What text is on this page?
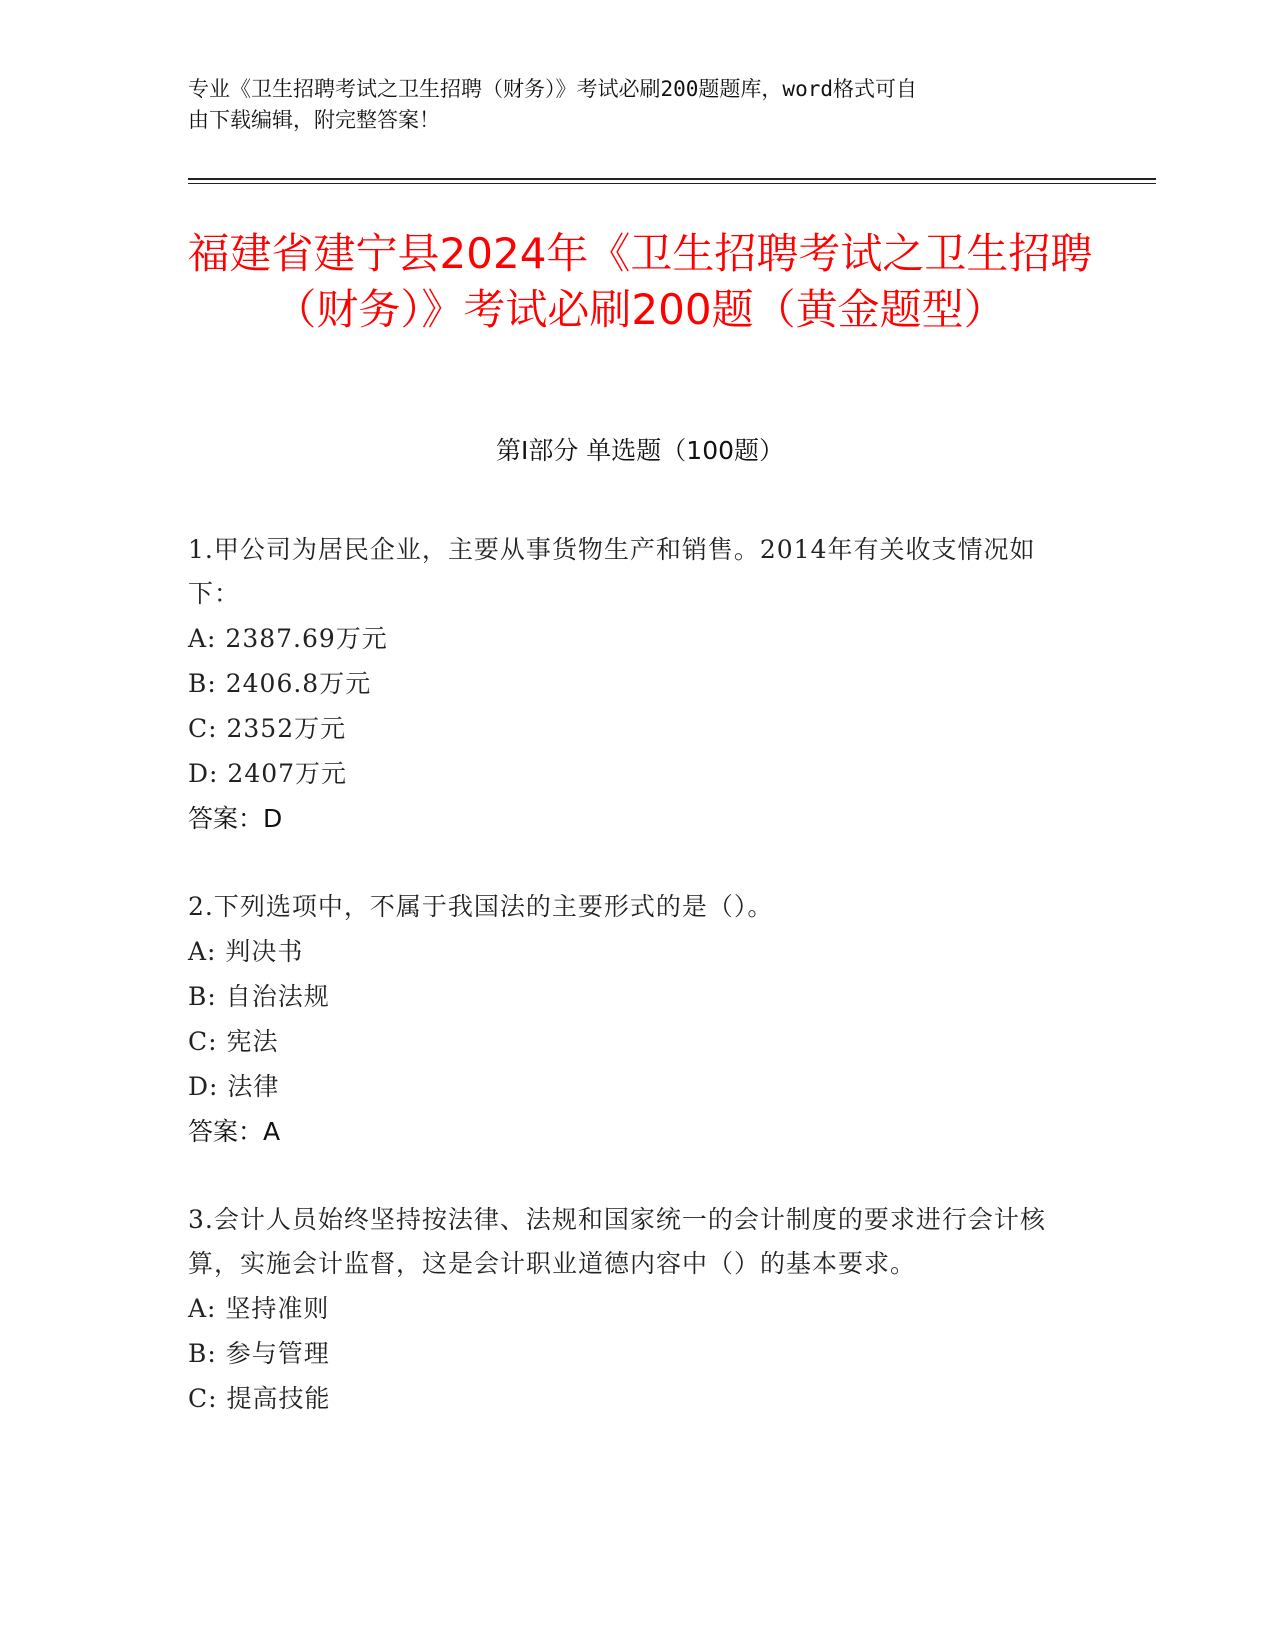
专业《卫生招聘考试之卫生招聘（财务）》考试必刷200题题库，word格式可自
由下载编辑，附完整答案！
福建省建宁县2024年《卫生招聘考试之卫生招聘（财务）》考试必刷200题（黄金题型）
第Ⅰ部分 单选题（100题）
1.甲公司为居民企业，主要从事货物生产和销售。2014年有关收支情况如下：
A: 2387.69万元
B: 2406.8万元
C: 2352万元
D: 2407万元
答案：D
2.下列选项中，不属于我国法的主要形式的是（）。
A: 判决书
B: 自治法规
C: 宪法
D: 法律
答案：A
3.会计人员始终坚持按法律、法规和国家统一的会计制度的要求进行会计核算，实施会计监督，这是会计职业道德内容中（）的基本要求。
A: 坚持准则
B: 参与管理
C: 提高技能
